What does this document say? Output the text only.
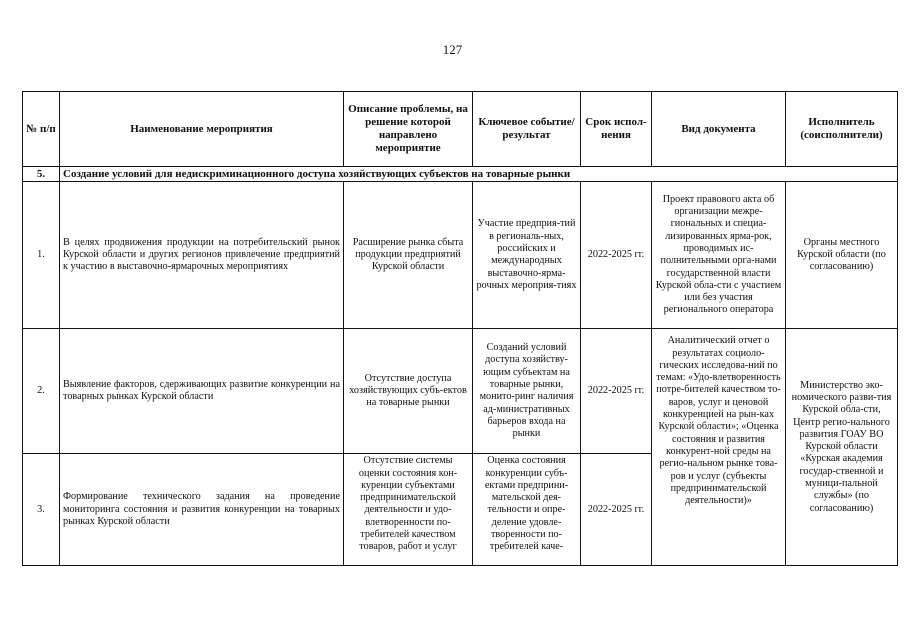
127
№ п/п	Наименование мероприятия	Описание проблемы, на решение которой направлено мероприятие	Ключевое событие/ результат	Срок испол-нения	Вид документа	Исполнитель (соисполнители)
5.	Создание условий для недискриминационного доступа хозяйствующих субъектов на товарные рынки					
1.	В целях продвижения продукции на потребительский рынок Курской области и других регионов привлечение предприятий к участию в выставочно-ярмарочных мероприятиях	Расширение рынка сбыта продукции предприятий Курской области	Участие предприя-тий в региональ-ных, российских и международных выставочно-ярма-рочных мероприя-тиях	2022-2025 гг.	Проект правового акта об организации межре-гиональных и специа-лизированных ярма-рок, проводимых ис-полнительными орга-нами государственной власти Курской обла-сти с участием или без участия регионального оператора	Органы местного Курской области (по согласованию)
2.	Выявление факторов, сдерживающих развитие конкуренции на товарных рынках Курской области	Отсутствие доступа хозяйствующих субъ-ектов на товарные рынки	Созданий условий доступа хозяйству-ющим субъектам на товарные рынки, монито-ринг наличия ад-министративных барьеров входа на рынки	2022-2025 гг.	Аналитический отчет о результатах социоло-гических исследова-ний по темам: «Удо-влетворенность потре-бителей качеством то-варов, услуг и ценовой конкуренцией на рын-ках Курской области»; «Оценка состояния и развития конкурент-ной среды на регио-нальном рынке това-ров и услуг (субъекты предпринимательской деятельности)»	Министерство эко-номического разви-тия Курской обла-сти, Центр регио-нального развития ГОАУ ВО Курской области «Курская академия государ-ственной и муници-пальной службы» (по согласованию)
3.	Формирование технического задания на проведение мониторинга состояния и развития конкуренции на товарных рынках Курской области	Отсутствие системы оценки состояния кон-куренции субъектами предпринимательской деятельности и удо-влетворенности по-требителей качеством товаров, работ и услуг	Оценка состояния конкуренции субъ-ектами предприни-мательской дея-тельности и опре-деление удовле-творенности по-требителей каче-	2022-2025 гг.		
